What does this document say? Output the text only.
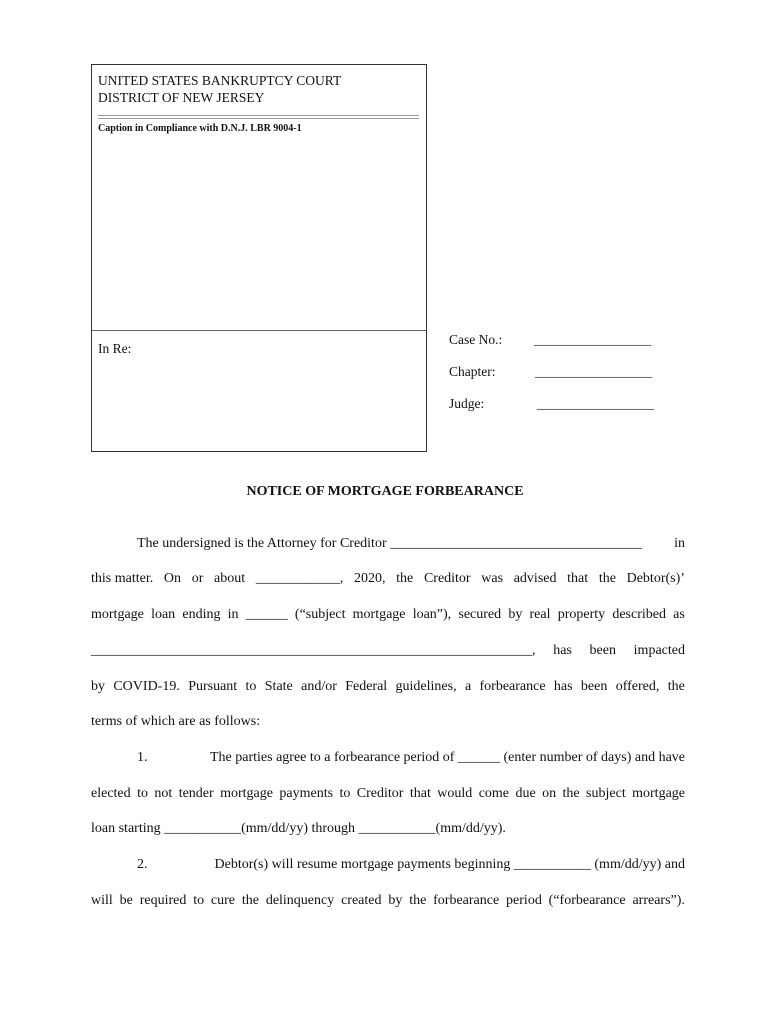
UNITED STATES BANKRUPTCY COURT
DISTRICT OF NEW JERSEY
Caption in Compliance with D.N.J. LBR 9004-1
In Re:
Case No.: __________________
Chapter:	__________________
Judge:	__________________
NOTICE OF MORTGAGE FORBEARANCE
The undersigned is the Attorney for Creditor ____________________________________ in
this matter. On or about ____________, 2020, the Creditor was advised that the Debtor(s)’
mortgage loan ending in ______ (“subject mortgage loan”), secured by real property described as
_______________________________________________________________, has been impacted
by COVID-19. Pursuant to State and/or Federal guidelines, a forbearance has been offered, the
terms of which are as follows:
1.	The parties agree to a forbearance period of ______ (enter number of days) and have
elected to not tender mortgage payments to Creditor that would come due on the subject mortgage
loan starting ___________(mm/dd/yy) through ___________(mm/dd/yy).
2.	Debtor(s) will resume mortgage payments beginning ___________ (mm/dd/yy) and
will be required to cure the delinquency created by the forbearance period (“forbearance arrears”).
